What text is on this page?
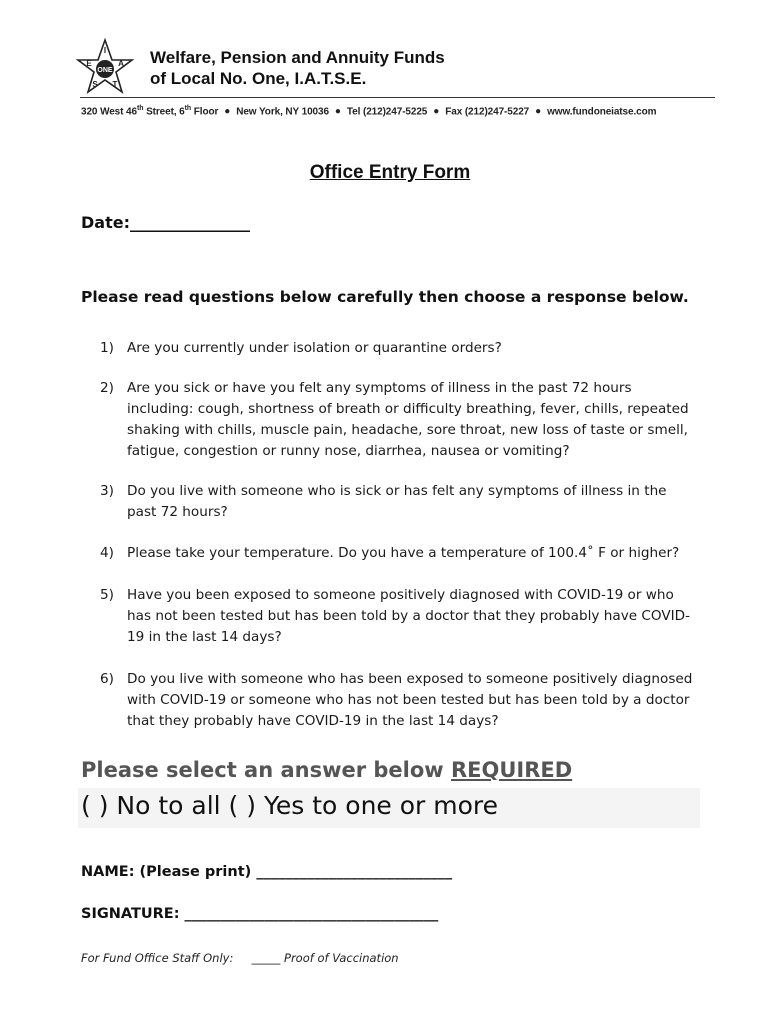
ONE
I
A
T
S
E	Welfare, Pension and Annuity Funds
of Local No. One, I.A.T.S.E.
320 West 46th Street, 6th Floor ● New York, NY 10036 ● Tel (212)247-5225 ● Fax (212)247-5227 ● www.fundoneiatse.com
Office Entry Form
Date:_______________
Please read questions below carefully then choose a response below.
1) Are you currently under isolation or quarantine orders?
2) Are you sick or have you felt any symptoms of illness in the past 72 hours including: cough, shortness of breath or difficulty breathing, fever, chills, repeated shaking with chills, muscle pain, headache, sore throat, new loss of taste or smell, fatigue, congestion or runny nose, diarrhea, nausea or vomiting?
3) Do you live with someone who is sick or has felt any symptoms of illness in the past 72 hours?
4) Please take your temperature. Do you have a temperature of 100.4˚ F or higher?
5) Have you been exposed to someone positively diagnosed with COVID-19 or who has not been tested but has been told by a doctor that they probably have COVID-19 in the last 14 days?
6) Do you live with someone who has been exposed to someone positively diagnosed with COVID-19 or someone who has not been tested but has been told by a doctor that they probably have COVID-19 in the last 14 days?
Please select an answer below REQUIRED
( ) No to all ( ) Yes to one or more
NAME: (Please print) ___________________________
SIGNATURE: ___________________________________
For Fund Office Staff Only:     _____ Proof of Vaccination
